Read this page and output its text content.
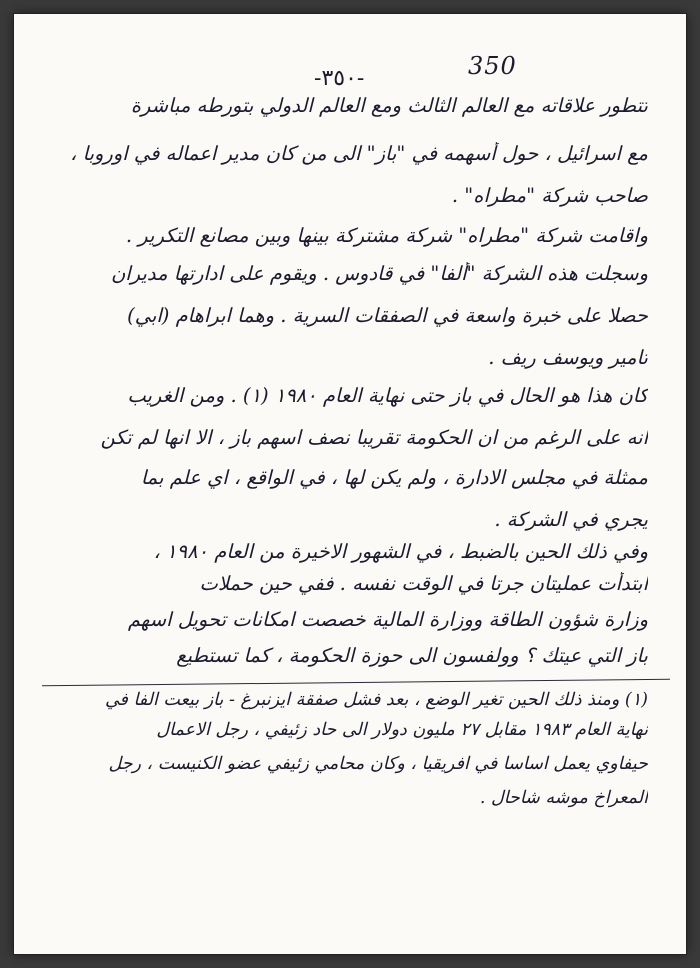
350
-٣٥٠-
تتطور علاقاته مع العالم الثالث ومع العالم الدولي بتورطه مباشرة
مع اسرائيل ، حول أسهمه في "باز" الى من كان مدير اعماله في اوروبا ،
صاحب شركة "مطراه" .
واقامت شركة "مطراه" شركة مشتركة بينها وبين مصانع التكرير .
وسجلت هذه الشركة "ألفا" في قادوس . ويقوم على ادارتها مديران
حصلا على خبرة واسعة في الصفقات السرية . وهما ابراهام (ابي)
تامير ويوسف ريف .
كان هذا هو الحال في باز حتى نهاية العام ١٩٨٠ (١) . ومن الغريب
انه على الرغم من ان الحكومة تقريبا نصف اسهم باز ، الا انها لم تكن
ممثلة في مجلس الادارة ، ولم يكن لها ، في الواقع ، اي علم بما
يجري في الشركة .
وفي ذلك الحين بالضبط ، في الشهور الاخيرة من العام ١٩٨٠ ،
ابتدأت عمليتان جرتا في الوقت نفسه . ففي حين حملات
وزارة شؤون الطاقة ووزارة المالية خصصت امكانات تحويل اسهم
باز التي عيتك ؟ وولفسون الى حوزة الحكومة ، كما تستطيع
(١) ومنذ ذلك الحين تغير الوضع ، بعد فشل صفقة ايزنبرغ - باز بيعت الفا في
نهاية العام ١٩٨٣ مقابل ٢٧ مليون دولار الى حاد زئيفي ، رجل الاعمال
حيفاوي يعمل اساسا في افريقيا ، وكان محامي زئيفي عضو الكنيست ، رجل
المعراخ موشه شاحال .
